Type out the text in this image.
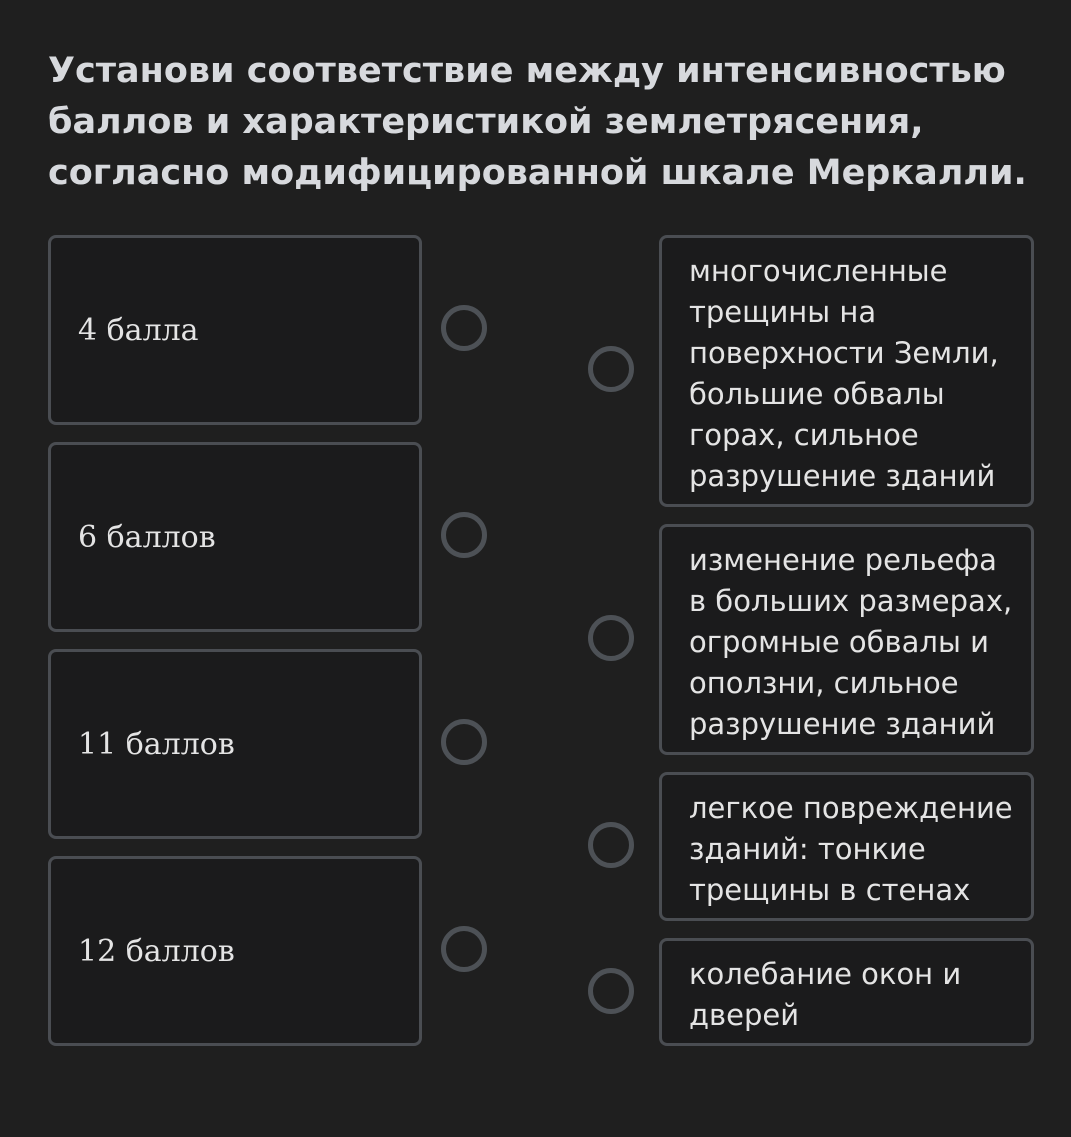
Установи соответствие между интенсивностью
баллов и характеристикой землетрясения,
согласно модифицированной шкале Меркалли.
4 балла
6 баллов
11 баллов
12 баллов
многочисленные
трещины на
поверхности Земли,
большие обвалы
горах, сильное
разрушение зданий
изменение рельефа
в больших размерах,
огромные обвалы и
оползни, сильное
разрушение зданий
легкое повреждение
зданий: тонкие
трещины в стенах
колебание окон и
дверей
